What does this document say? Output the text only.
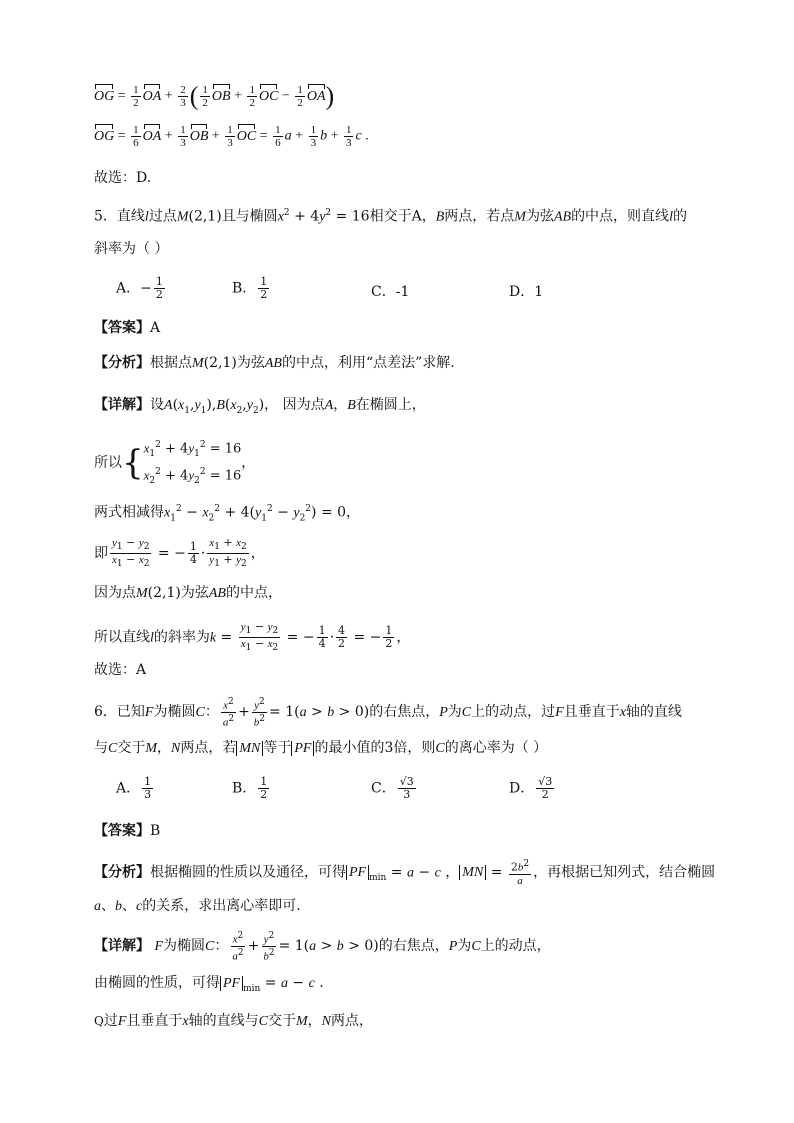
OG = $\frac{1}{2}$ OA + $\frac{2}{3}$ ( $\frac{1}{2}$ OB + $\frac{1}{2}$ OC − $\frac{1}{2} OA$)
OG = $\frac{1}{6}$ OA + $\frac{1}{3}$ OB + $\frac{1}{3}$ OC = $\frac{1}{6}$ $a + \frac{1}{3}$ $b + \frac{1}{3}$ c .
故选：D.
5．直线l过点M(2,1)且与椭圆$x^2 + 4y^2 = 16$相交于A，B两点，若点M为弦AB的中点，则直线l的
斜率为（ ）
A．− $\frac{1}{2}$	B． $\frac{1}{2}$	C．-1	D．1
【答案】A
【分析】根据点M(2,1)为弦AB的中点，利用“点差法”求解.
【详解】设$A(x_1,y_1),B(x_2,y_2)$， 因为点A，B在椭圆上，
所以{ $x_1^2 + 4y_1^2 = 16$
$x_2^2 + 4y_2^2 = 16$
，
两式相减得$x_1^2 - x_2^2 + 4(y_1^2 - y_2^2) = 0$，
即 $\frac{y_1 - y_2}{x_1 - x_2}$ = − $\frac{1}{4} \cdot \frac{x_1 + x_2}{y_1 + y_2}$ ，
因为点M(2,1)为弦AB的中点，
所以直线l的斜率为$k = \frac{y_1 - y_2}{x_1 - x_2}$ = − $\frac{1}{4} \cdot \frac{4}{2}$ = − $\frac{1}{2}$ ，
故选：A
6．已知F为椭圆C： $\frac{x^2}{a^2} + \frac{y^2}{b^2} = 1(a > b > 0)$的右焦点，P为C上的动点，过F且垂直于x轴的直线
与C交于M，N两点，若 MN 等于 PF 的最小值的3倍，则C的离心率为（ ）
A． $\frac{1}{3}$	B． $\frac{1}{2}$	C． $\frac{√3}{3}$	D． $\frac{√3}{2}$
【答案】B
【分析】根据椭圆的性质以及通径，可得 PF $_{min}$ = a − c ， MN = $\frac{2b^2}{a}$ ，再根据已知列式，结合椭圆
a、b、c的关系，求出离心率即可.
【详解】 F为椭圆C： $\frac{x^2}{a^2} + \frac{y^2}{b^2} = 1(a > b > 0)$的右焦点，P为C上的动点，
由椭圆的性质，可得 PF $_{min}$ = a − c .
Q过F且垂直于x轴的直线与C交于M，N两点，
